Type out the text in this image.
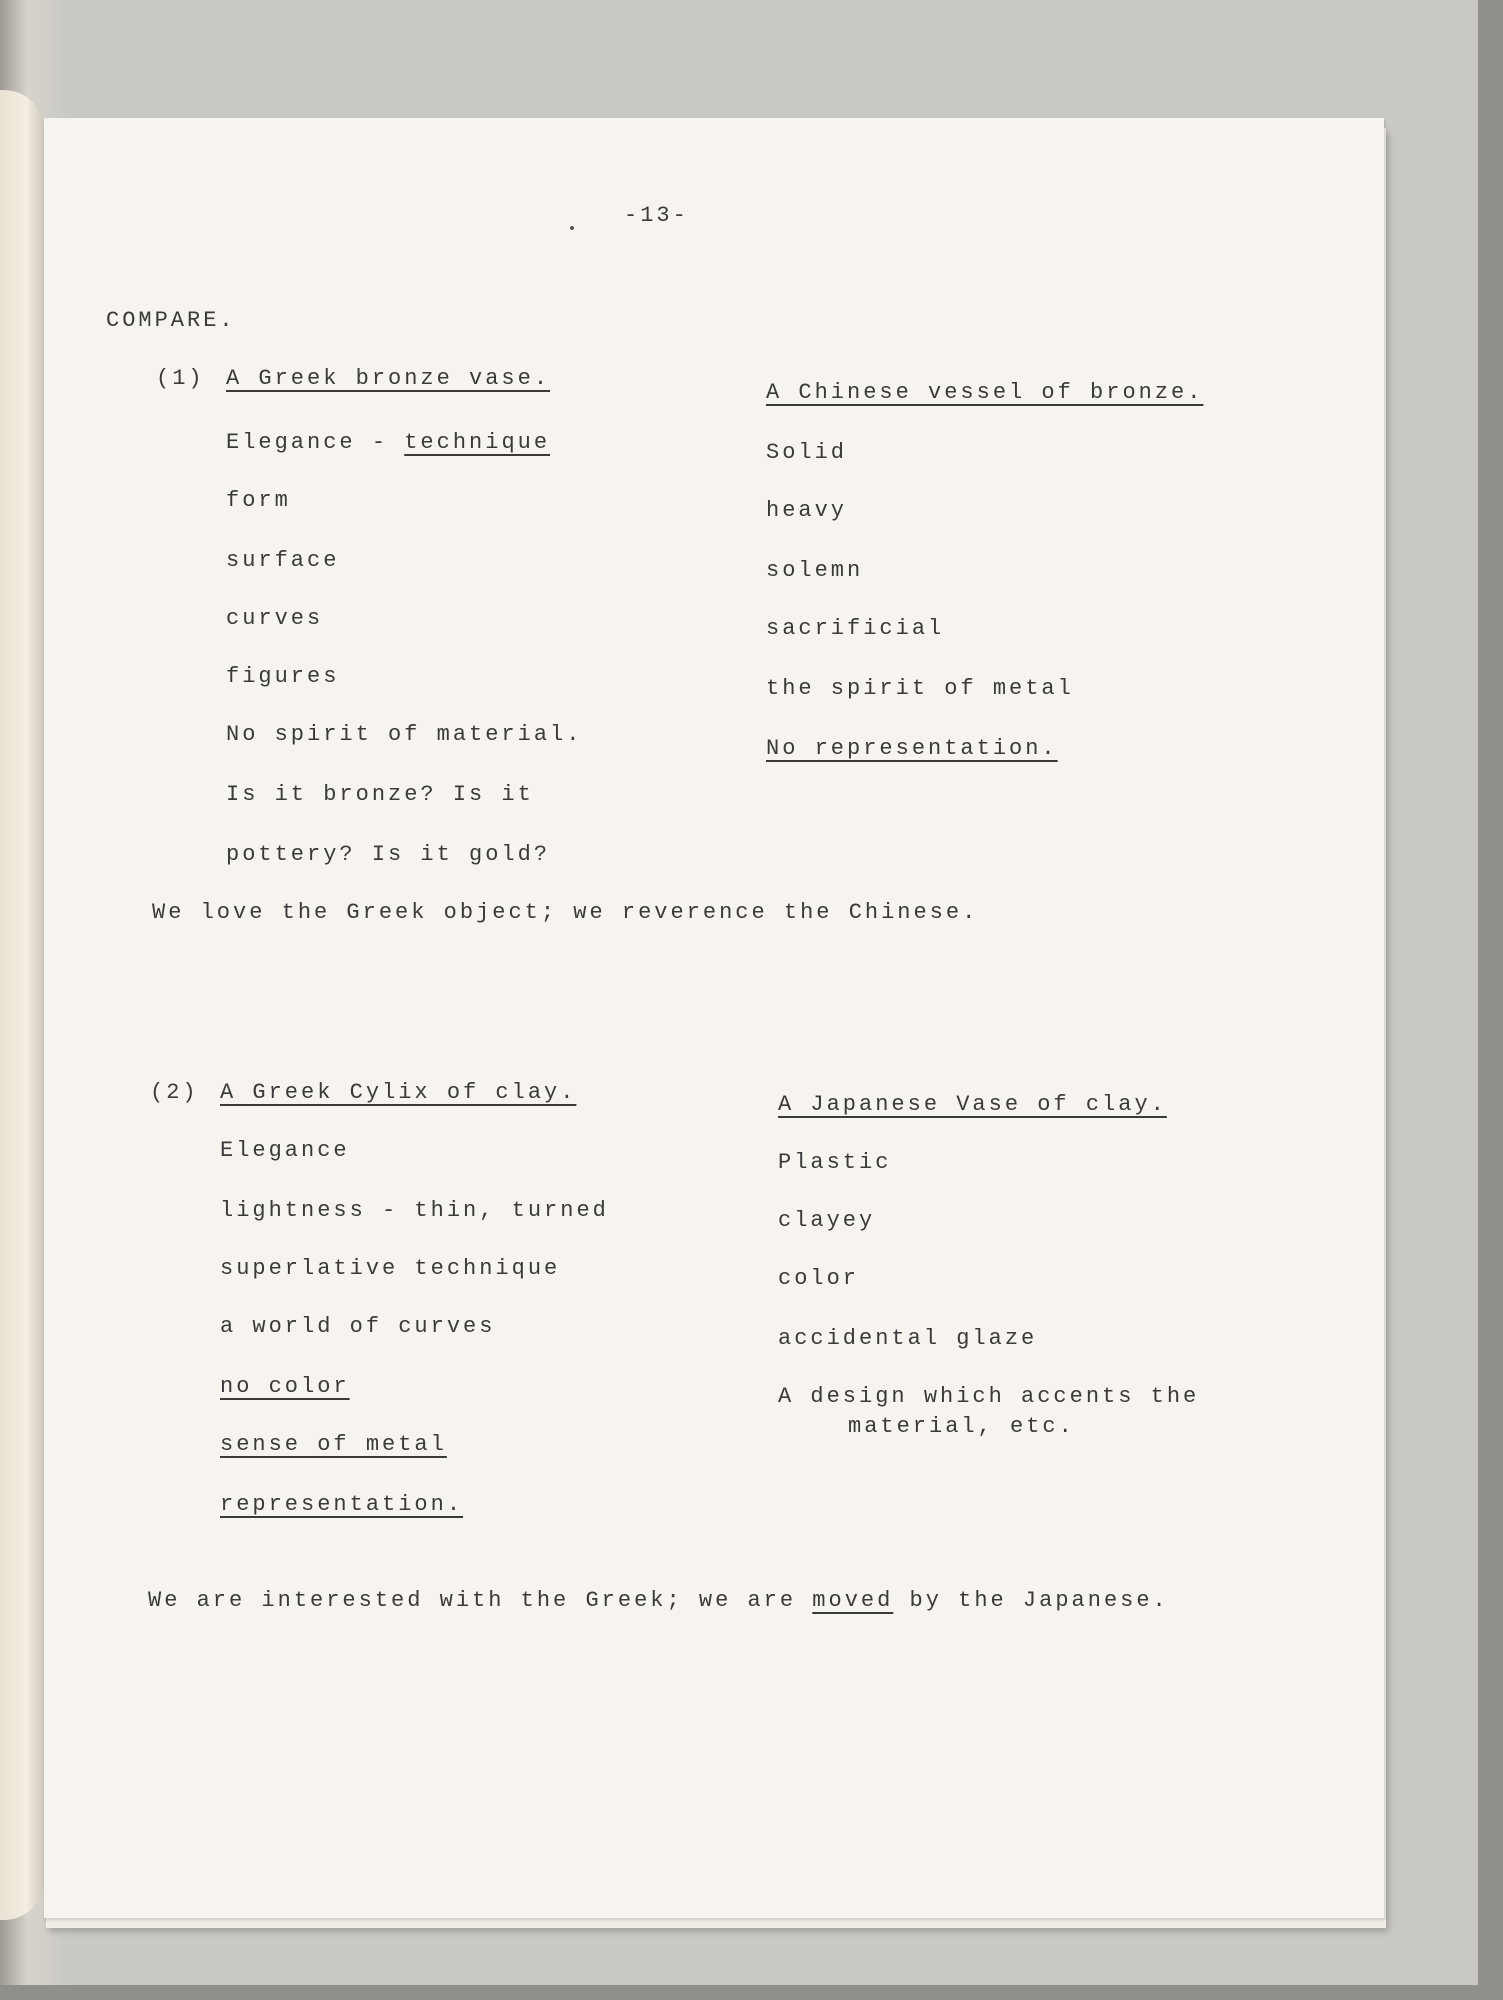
-13-
COMPARE.
(1) A Greek bronze vase.
Elegance - technique
form
surface
curves
figures
No spirit of material.
Is it bronze? Is it
pottery? Is it gold?
A Chinese vessel of bronze.
Solid
heavy
solemn
sacrificial
the spirit of metal
No representation.
We love the Greek object; we reverence the Chinese.
(2) A Greek Cylix of clay.
Elegance
lightness - thin, turned
superlative technique
a world of curves
no color
sense of metal
representation.
A Japanese Vase of clay.
Plastic
clayey
color
accidental glaze
A design which accents the
material, etc.
We are interested with the Greek; we are moved by the Japanese.
